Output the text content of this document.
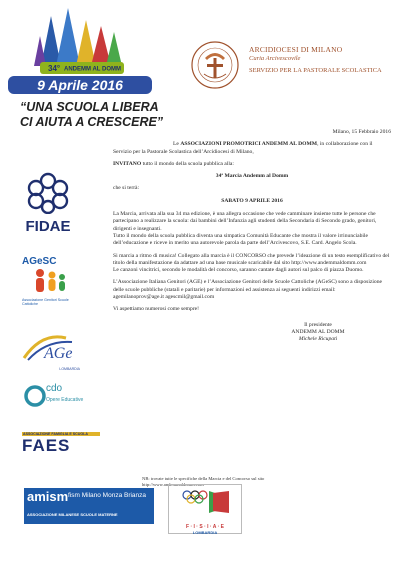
34° ANDEMM AL DOMM
9 Aprile 2016
“UNA SCUOLA LIBERA
CI AIUTA A CRESCERE”
ARCIDIOCESI DI MILANO
Curia Arcivescovile
SERVIZIO PER LA PASTORALE SCOLASTICA

Milano, 15 Febbraio 2016

Le ASSOCIAZIONI PROMOTRICI ANDEMM AL DOMM, in collaborazione con il Servizio per la Pastorale Scolastica dell’Arcidiocesi di Milano,

INVITANO tutto il mondo della scuola pubblica alla:

34ª Marcia Andemm al Domm

che si terrà:

SABATO 9 APRILE 2016

La Marcia, arrivata alla sua 34 ma edizione, è una allegra occasione che vede camminare insieme tutte le persone che partecipano a realizzare la scuola: dai bambini dell’Infanzia agli studenti della Secondaria di Secondo grado, genitori, dirigenti e insegnanti.

Tutto il mondo della scuola pubblica diventa una simpatica Comunità Educante che mostra il valore irrinunciabile dell’educazione e riceve in merito una autorevole parola da parte dell’Arcivescovo, S.E. Card. Angelo Scola.

Si marcia a ritmo di musica! Collegato alla marcia è il CONCORSO che prevede l’ideazione di un testo esemplificativo del titolo della manifestazione da adattare ad una base musicale scaricabile dal sito http://www.andemmaldomm.com

Le canzoni vincitrici, secondo le modalità del concorso, saranno cantate dagli autori sul palco di piazza Duomo.

L’Associazione Italiana Genitori (AGE) e l’Associazione Genitori delle Scuole Cattoliche (AGeSC) sono a disposizione delle scuole pubbliche (statali e paritarie) per informazioni ed assistenza ai seguenti indirizzi email:

agemilanoprov@age.it agescmil@gmail.com

Vi aspettiamo numerosi come sempre!

Il presidente
ANDEMM AL DOMM
Michele Ricupati
NB: trovate tutte le specifiche della Marcia e del Concorso sul sito http://www.andemmaldomm.com
FIDAE
AGeSC
Associazione Genitori Scuole Cattoliche
AGe
LOMBARDIA
cdo
Opere Educative
ASSOCIAZIONE FAMIGLIA E SCUOLA
FAES
amism fism Milano Monza Brianza
ASSOCIAZIONE MILANESE SCUOLE MATERNE
F · I · S · I · A · E
LOMBARDIA
